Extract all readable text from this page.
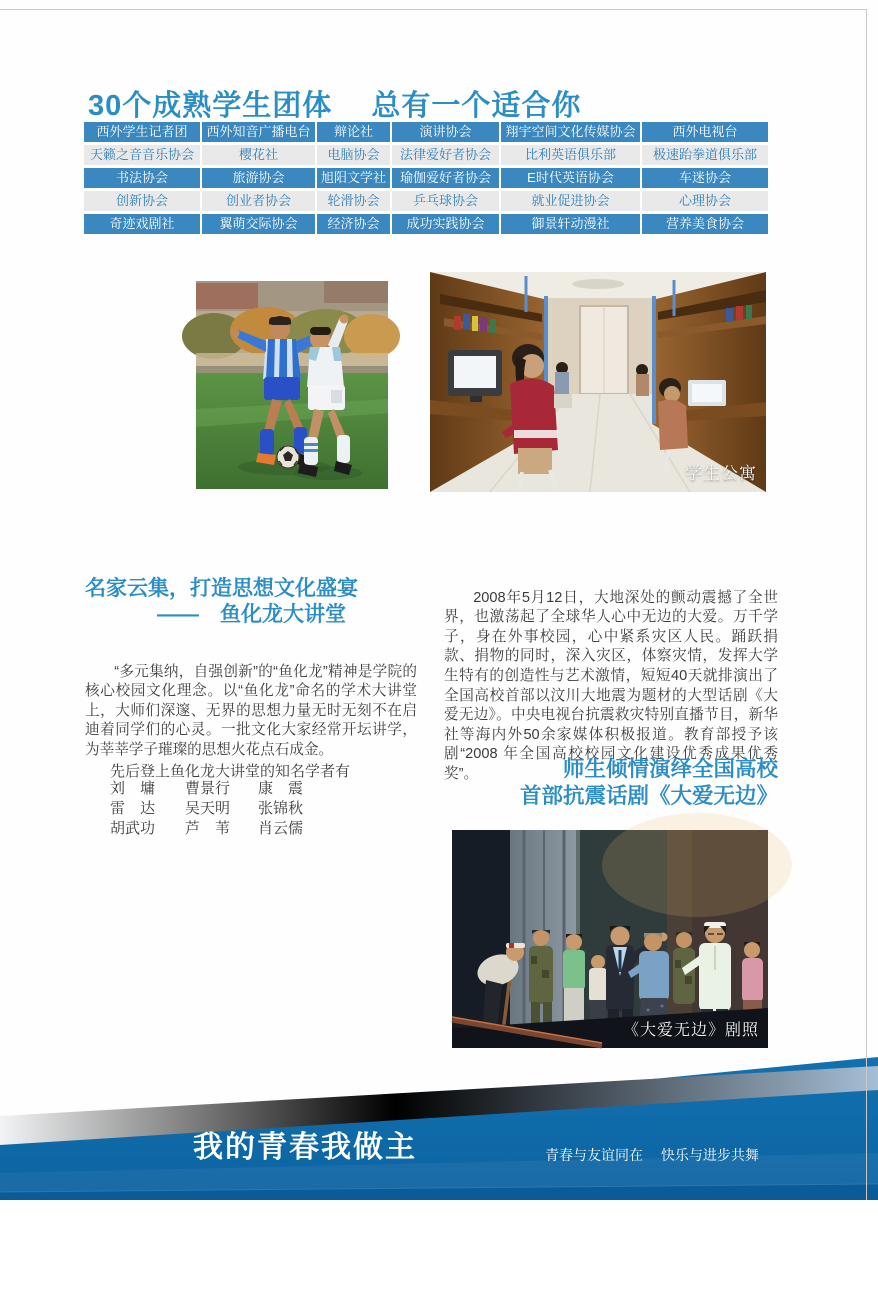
30个成熟学生团体　 总有一个适合你
西外学生记者团	西外知音广播电台	辩论社	演讲协会	翔宇空间文化传媒协会	西外电视台
天籁之音音乐协会	樱花社	电脑协会	法律爱好者协会	比利英语俱乐部	极速跆拳道俱乐部
书法协会	旅游协会	旭阳文学社	瑜伽爱好者协会	E时代英语协会	车迷协会
创新协会	创业者协会	轮滑协会	乒乓球协会	就业促进协会	心理协会
奇迹戏剧社	翼萌交际协会	经济协会	成功实践协会	御景轩动漫社	营养美食协会
学生公寓
名家云集，打造思想文化盛宴
——　鱼化龙大讲堂

“多元集纳，自强创新”的“鱼化龙”精神是学院的核心校园文化理念。以“鱼化龙”命名的学术大讲堂上，大师们深邃、无界的思想力量无时无刻不在启迪着同学们的心灵。一批文化大家经常开坛讲学，为莘莘学子璀璨的思想火花点石成金。

先后登上鱼化龙大讲堂的知名学者有
刘　墉	曹景行	康　震
雷　达	吴天明	张锦秋
胡武功	芦　苇	肖云儒

2008年5月12日，大地深处的颤动震撼了全世界，也激荡起了全球华人心中无边的大爱。万千学子，身在外事校园，心中紧系灾区人民。踊跃捐款、捐物的同时，深入灾区，体察灾情，发挥大学生特有的创造性与艺术激情，短短40天就排演出了全国高校首部以汶川大地震为题材的大型话剧《大爱无边》。中央电视台抗震救灾特别直播节目，新华社等海内外50余家媒体积极报道。教育部授予该剧“2008 年全国高校校园文化建设优秀成果优秀奖”。	师生倾情演绎全国高校
首部抗震话剧《大爱无边》
《大爱无边》剧照
我的青春我做主

	青春与友谊同在　 快乐与进步共舞

在这里　 你会认识更多的伙伴

成长历练中　 友谊长存　 进步长虹
